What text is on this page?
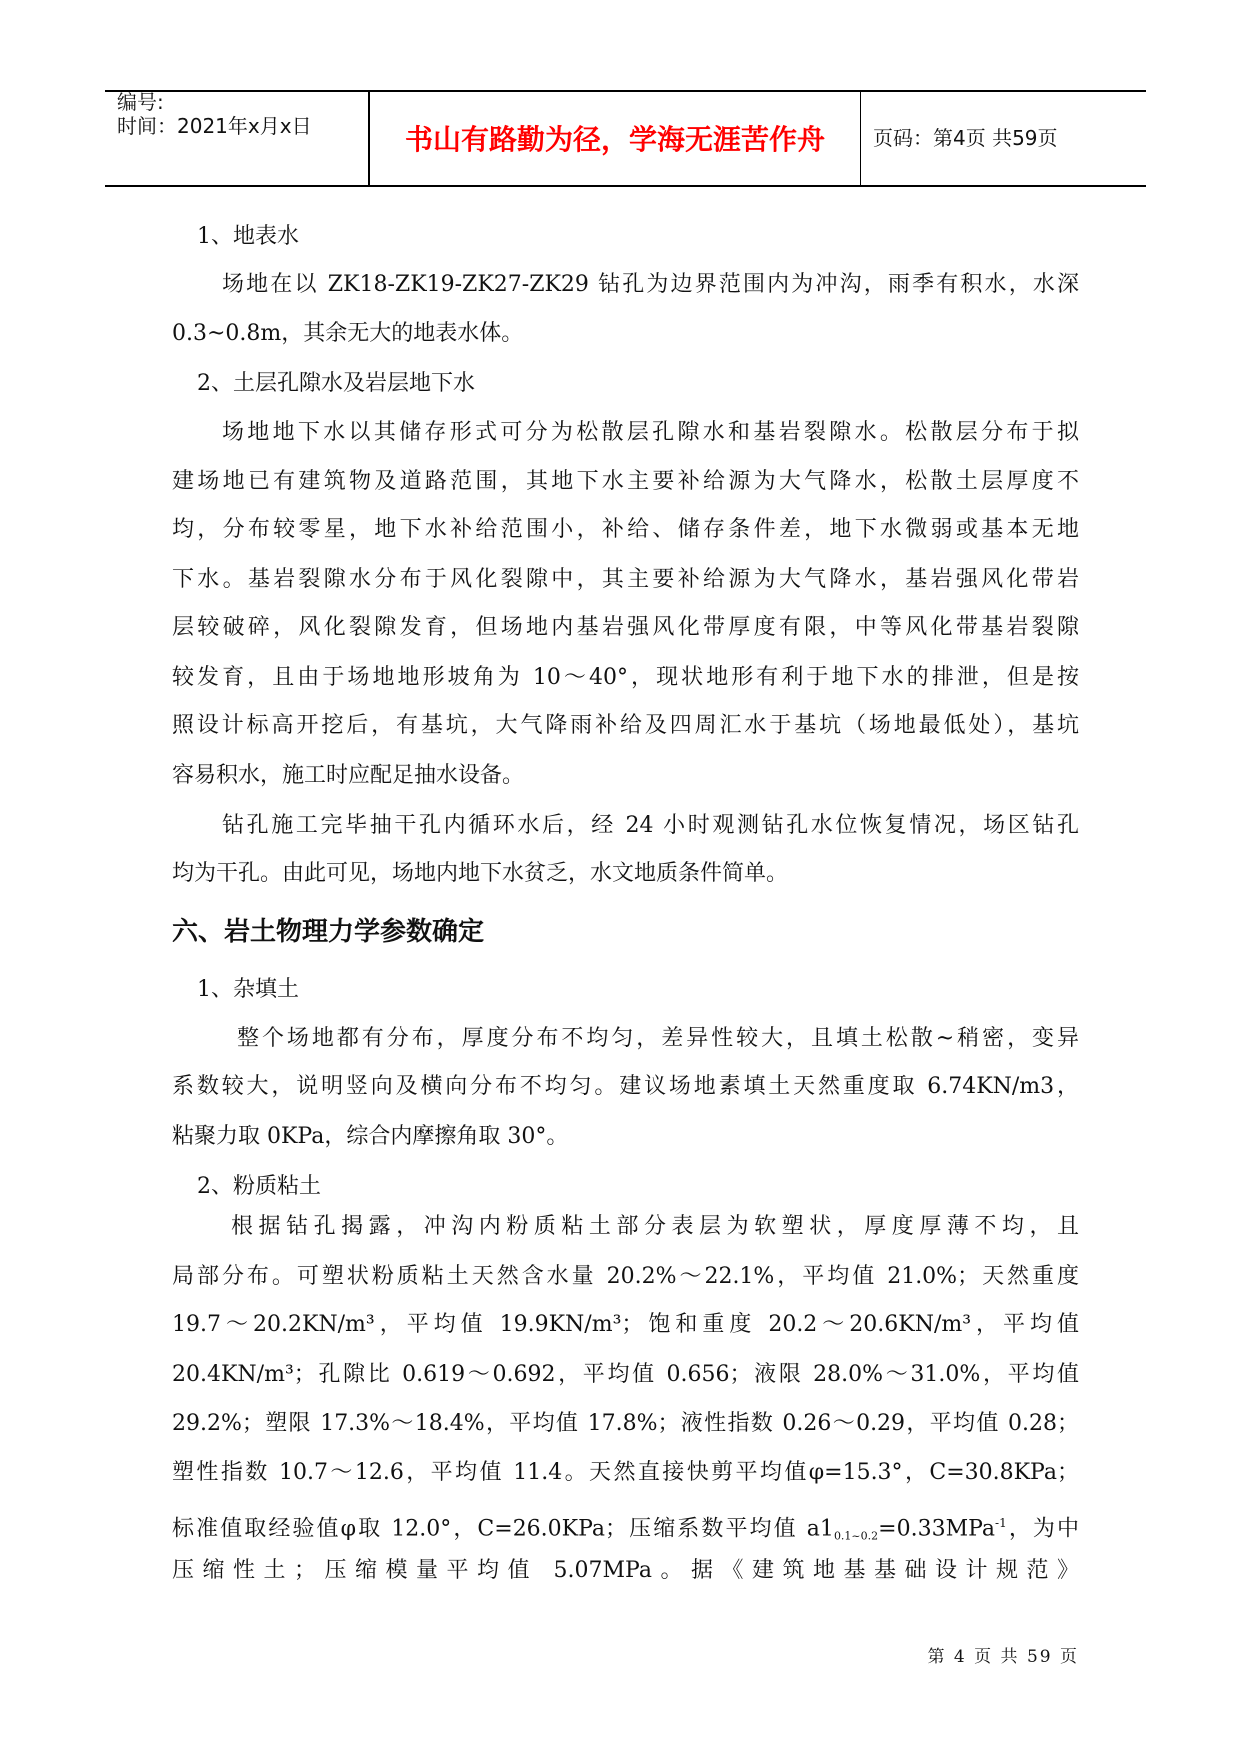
编号:
时间：2021年x月x日	书山有路勤为径，学海无涯苦作舟	页码：第4页 共59页
1、地表水
场地在以 ZK18-ZK19-ZK27-ZK29 钻孔为边界范围内为冲沟，雨季有积水，水深
0.3~0.8m，其余无大的地表水体。
2、土层孔隙水及岩层地下水
场地地下水以其储存形式可分为松散层孔隙水和基岩裂隙水。松散层分布于拟
建场地已有建筑物及道路范围，其地下水主要补给源为大气降水，松散土层厚度不
均，分布较零星，地下水补给范围小，补给、储存条件差，地下水微弱或基本无地
下水。基岩裂隙水分布于风化裂隙中，其主要补给源为大气降水，基岩强风化带岩
层较破碎，风化裂隙发育，但场地内基岩强风化带厚度有限，中等风化带基岩裂隙
较发育，且由于场地地形坡角为 10～40°，现状地形有利于地下水的排泄，但是按
照设计标高开挖后，有基坑，大气降雨补给及四周汇水于基坑（场地最低处），基坑
容易积水，施工时应配足抽水设备。
钻孔施工完毕抽干孔内循环水后，经 24 小时观测钻孔水位恢复情况，场区钻孔
均为干孔。由此可见，场地内地下水贫乏，水文地质条件简单。
六、岩土物理力学参数确定
1、杂填土
整个场地都有分布，厚度分布不均匀，差异性较大，且填土松散~稍密，变异
系数较大，说明竖向及横向分布不均匀。建议场地素填土天然重度取 6.74KN/m3，
粘聚力取 0KPa，综合内摩擦角取 30°。
2、粉质粘土
根据钻孔揭露，冲沟内粉质粘土部分表层为软塑状，厚度厚薄不均，且
局部分布。可塑状粉质粘土天然含水量 20.2%～22.1%，平均值 21.0%；天然重度
19.7～20.2KN/m³，平均值 19.9KN/m³；饱和重度 20.2～20.6KN/m³，平均值
20.4KN/m³；孔隙比 0.619～0.692，平均值 0.656；液限 28.0%～31.0%，平均值
29.2%；塑限 17.3%～18.4%，平均值 17.8%；液性指数 0.26～0.29，平均值 0.28；
塑性指数 10.7～12.6，平均值 11.4。天然直接快剪平均值φ=15.3°，C=30.8KPa；
标准值取经验值φ取 12.0°，C=26.0KPa；压缩系数平均值 $a1_{0.1\sim 0.2}=0.33MPa^{-1}$，为中
压缩性土；压缩模量平均值 5.07MPa。据《建筑地基基础设计规范》
第 4 页 共 59 页
